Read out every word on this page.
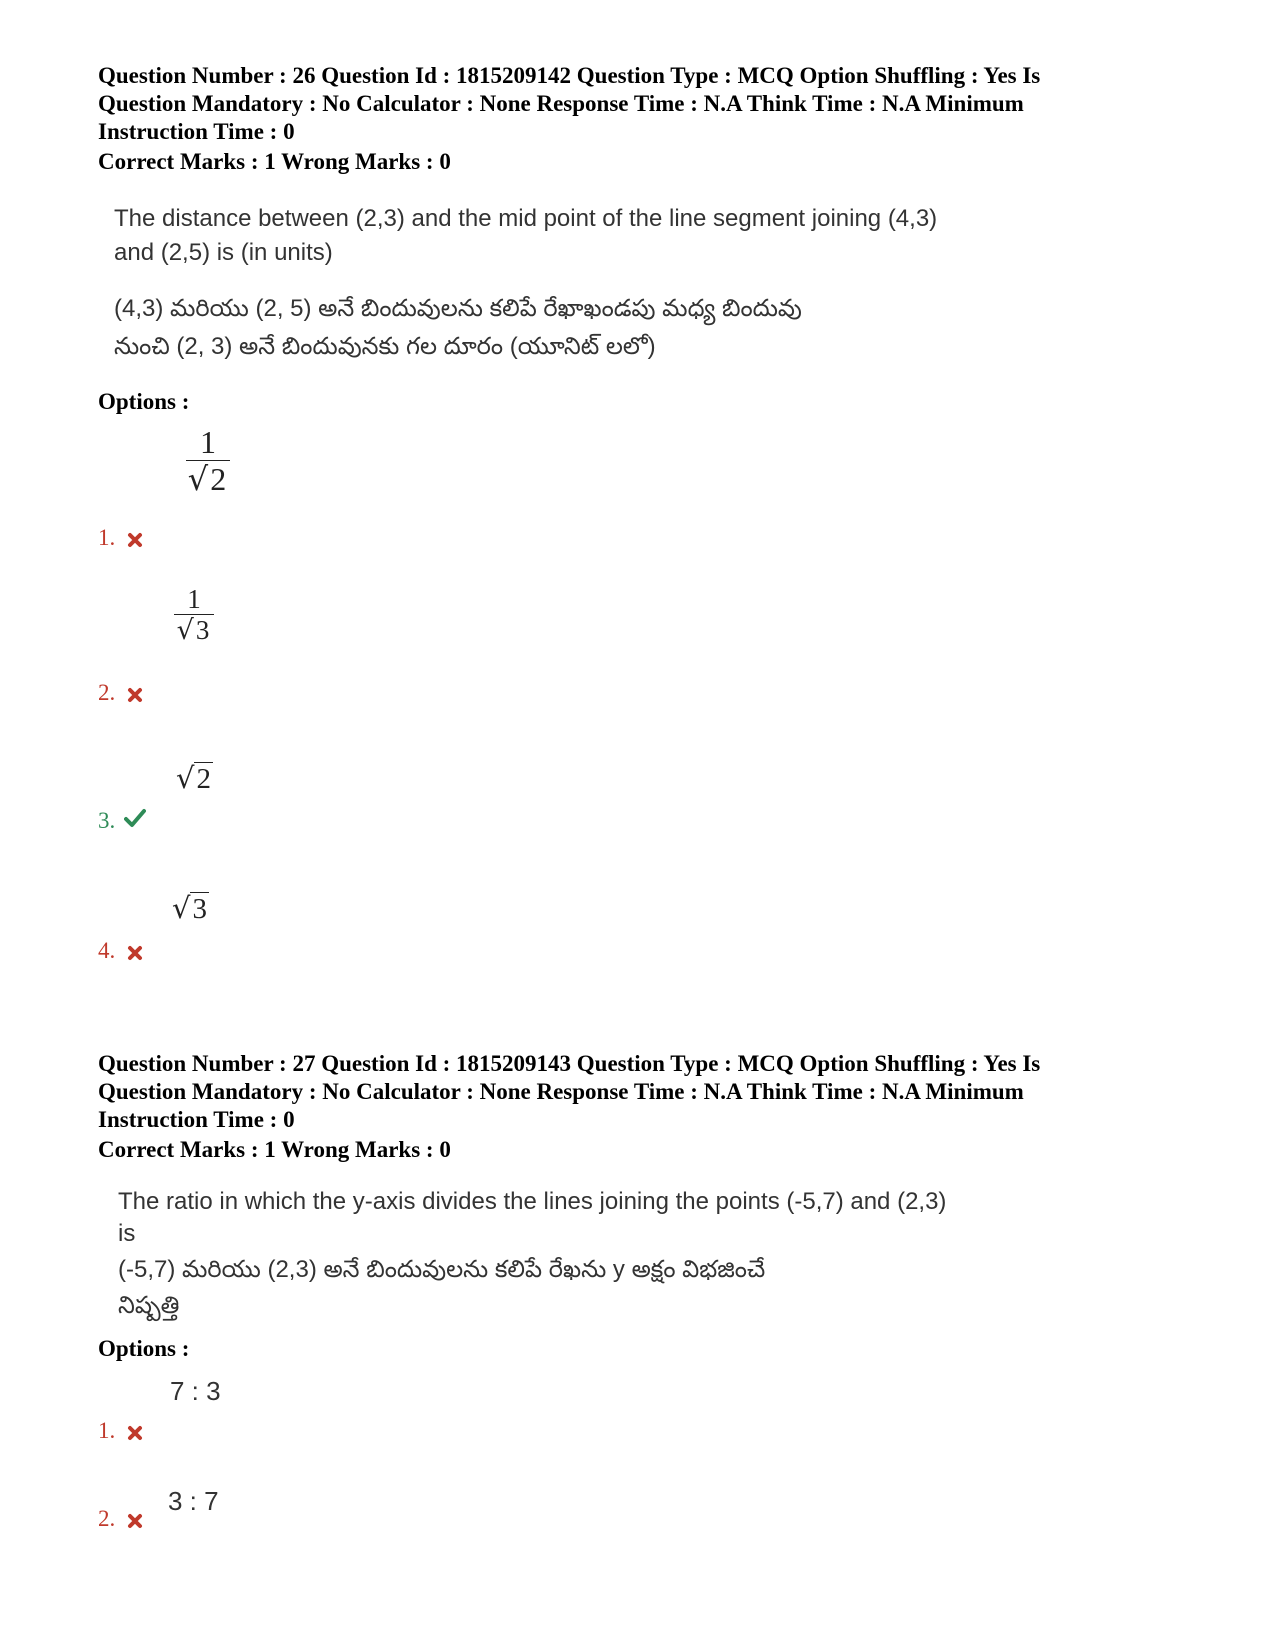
Question Number : 26 Question Id : 1815209142 Question Type : MCQ Option Shuffling : Yes Is
Question Mandatory : No Calculator : None Response Time : N.A Think Time : N.A Minimum
Instruction Time : 0
Correct Marks : 1 Wrong Marks : 0
The distance between (2,3) and the mid point of the line segment joining (4,3)
and (2,5) is (in units)
(4,3) మరియు (2, 5) అనే బిందువులను కలిపే రేఖాఖండపు మధ్య బిందువు
నుంచి (2, 3) అనే బిందువునకు గల దూరం (యూనిట్ లలో)
Options :
1
√2
1.
1
√3
2.
√ 2
3.
√ 3
4.
Question Number : 27 Question Id : 1815209143 Question Type : MCQ Option Shuffling : Yes Is
Question Mandatory : No Calculator : None Response Time : N.A Think Time : N.A Minimum
Instruction Time : 0
Correct Marks : 1 Wrong Marks : 0
The ratio in which the y-axis divides the lines joining the points (-5,7) and (2,3)
is
(-5,7) మరియు (2,3) అనే బిందువులను కలిపే రేఖను y అక్షం విభజించే
నిష్పత్తి
Options :
7 : 3
1.
3 : 7
2.
